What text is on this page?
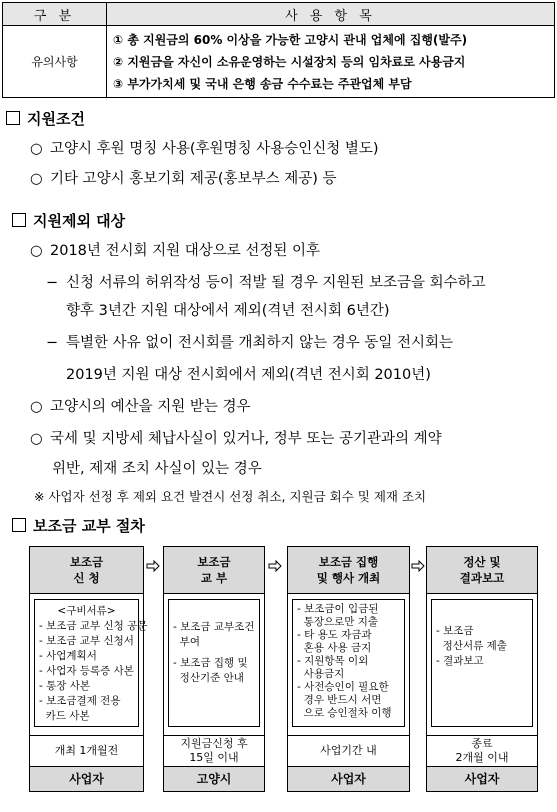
구 분	사 용 항 목
유의사항	① 총 지원금의 60% 이상을 가능한 고양시 관내 업체에 집행(발주)
② 지원금을 자신이 소유운영하는 시설장치 등의 임차료로 사용금지
③ 부가가치세 및 국내 은행 송금 수수료는 주관업체 부담
지원조건
○ 고양시 후원 명칭 사용(후원명칭 사용승인신청 별도)
○ 기타 고양시 홍보기회 제공(홍보부스 제공) 등
지원제외 대상
○ 2018년 전시회 지원 대상으로 선정된 이후
− 신청 서류의 허위작성 등이 적발 될 경우 지원된 보조금을 회수하고
향후 3년간 지원 대상에서 제외(격년 전시회 6년간)
− 특별한 사유 없이 전시회를 개최하지 않는 경우 동일 전시회는
2019년 지원 대상 전시회에서 제외(격년 전시회 2010년)
○ 고양시의 예산을 지원 받는 경우
○ 국세 및 지방세 체납사실이 있거나, 정부 또는 공기관과의 계약
위반, 제재 조치 사실이 있는 경우
※ 사업자 선정 후 제외 요건 발견시 선정 취소, 지원금 회수 및 제재 조치
보조금 교부 절차
보조금
신 청
<구비서류>
- 보조금 교부 신청 공문
- 보조금 교부 신청서
- 사업계획서
- 사업자 등록증 사본
- 통장 사본
- 보조금결제 전용
카드 사본
개최 1개월전
사업자
보조금
교 부
- 보조금 교부조건
부여
- 보조금 집행 및
정산기준 안내
지원금신청 후
15일 이내
고양시
보조금 집행
및 행사 개최
- 보조금이 입금된
통장으로만 지출
- 타 용도 자금과
혼용 사용 금지
- 지원항목 이외
사용금지
- 사전승인이 필요한
경우 반드시 서면
으로 승인절차 이행
사업기간 내
사업자
정산 및
결과보고
- 보조금
정산서류 제출
- 결과보고
종료
2개월 이내
사업자
